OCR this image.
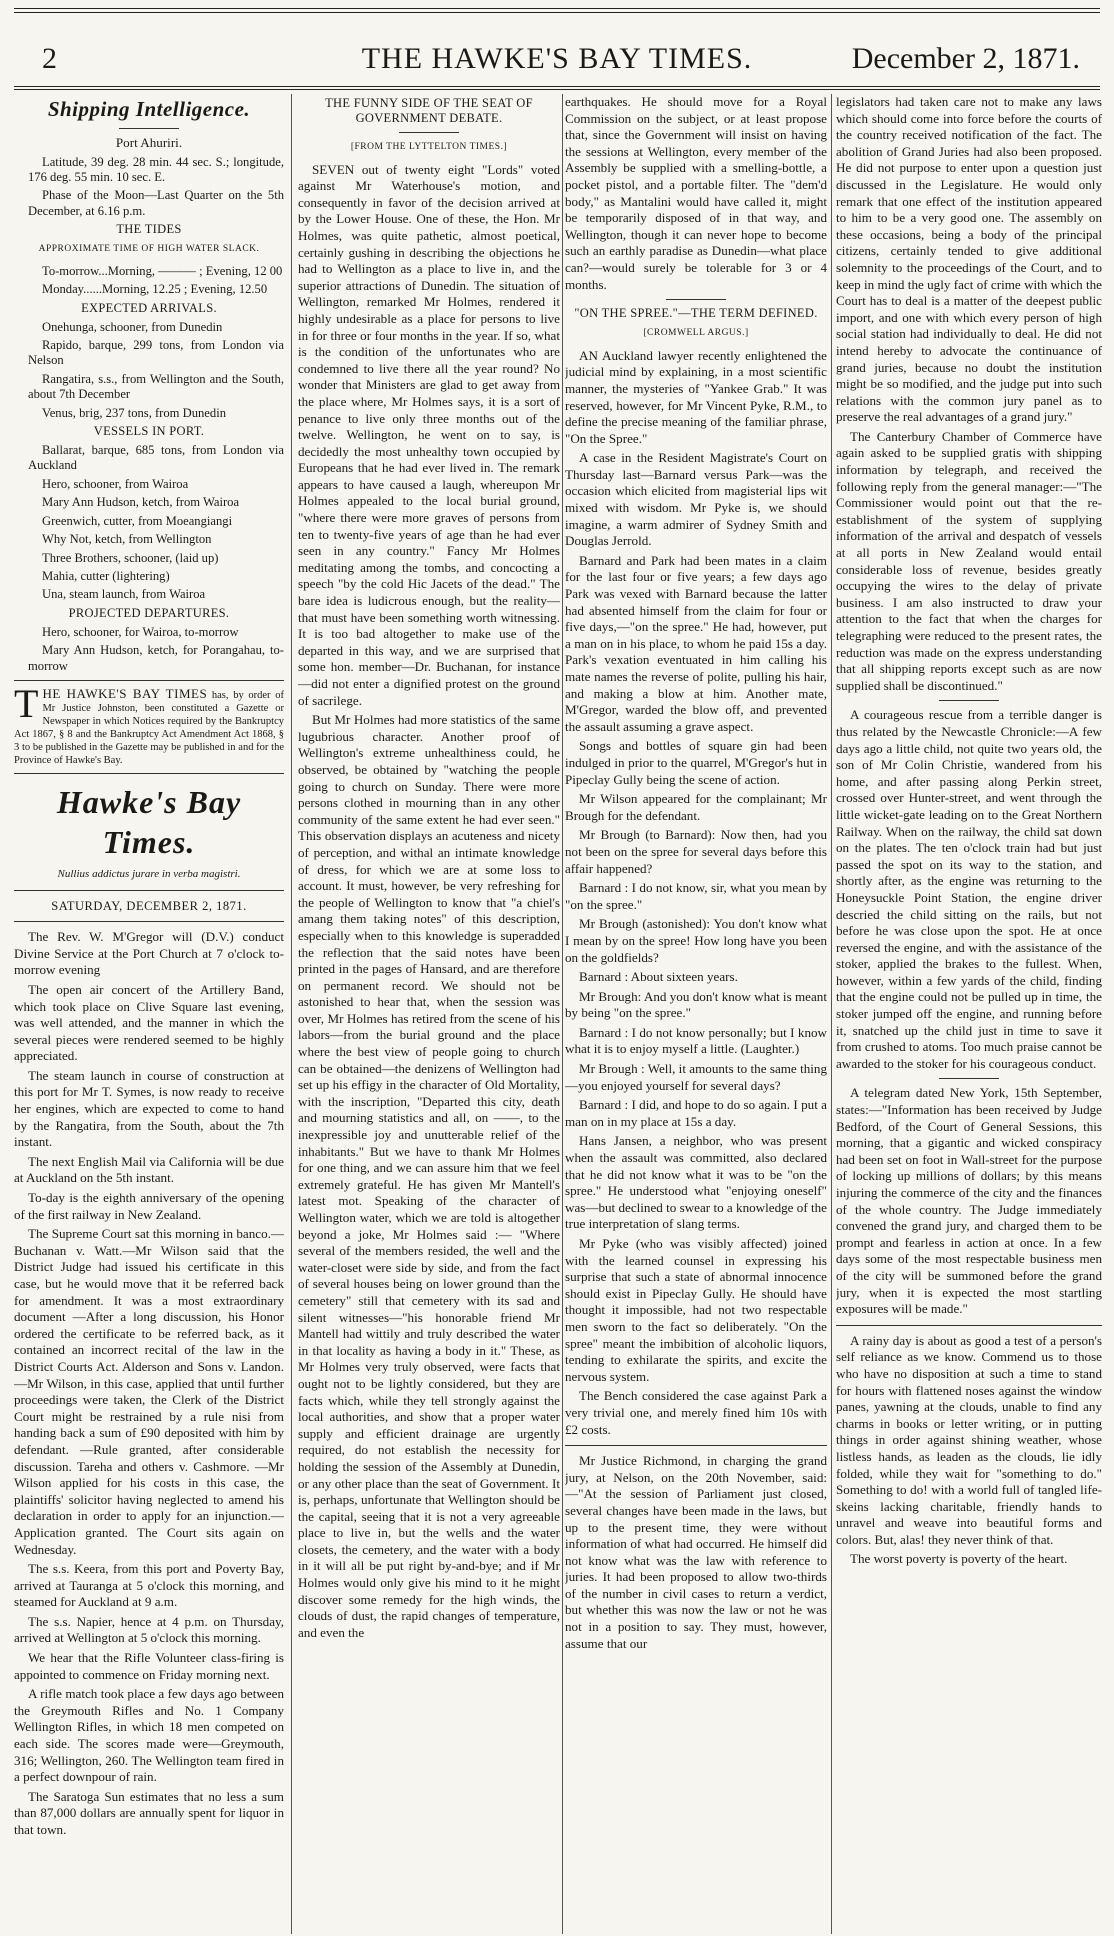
2	THE HAWKE'S BAY TIMES.	December 2, 1871.
Shipping Intelligence.

Port Ahuriri.

Latitude, 39 deg. 28 min. 44 sec. S.; longitude, 176 deg. 55 min. 10 sec. E.

Phase of the Moon—Last Quarter on the 5th December, at 6.16 p.m.

THE TIDES
APPROXIMATE TIME OF HIGH WATER SLACK.

To-morrow...Morning, ——— ; Evening, 12 00

Monday......Morning, 12.25 ; Evening, 12.50

EXPECTED ARRIVALS.

Onehunga, schooner, from Dunedin

Rapido, barque, 299 tons, from London via Nelson

Rangatira, s.s., from Wellington and the South, about 7th December

Venus, brig, 237 tons, from Dunedin

VESSELS IN PORT.

Ballarat, barque, 685 tons, from London via Auckland

Hero, schooner, from Wairoa

Mary Ann Hudson, ketch, from Wairoa

Greenwich, cutter, from Moeangiangi

Why Not, ketch, from Wellington

Three Brothers, schooner, (laid up)

Mahia, cutter (lightering)

Una, steam launch, from Wairoa

PROJECTED DEPARTURES.

Hero, schooner, for Wairoa, to-morrow

Mary Ann Hudson, ketch, for Porangahau, to-morrow

T HE HAWKE'S BAY TIMES has, by order of Mr Justice Johnston, been constituted a Gazette or Newspaper in which Notices required by the Bankruptcy Act 1867, § 8 and the Bankruptcy Act Amendment Act 1868, § 3 to be published in the Gazette may be published in and for the Province of Hawke's Bay.
Hawke's Bay Times.
Nullius addictus jurare in verba magistri.
SATURDAY, DECEMBER 2, 1871.

The Rev. W. M'Gregor will (D.V.) conduct Divine Service at the Port Church at 7 o'clock to-morrow evening

The open air concert of the Artillery Band, which took place on Clive Square last evening, was well attended, and the manner in which the several pieces were rendered seemed to be highly appreciated.

The steam launch in course of construction at this port for Mr T. Symes, is now ready to receive her engines, which are expected to come to hand by the Rangatira, from the South, about the 7th instant.

The next English Mail via California will be due at Auckland on the 5th instant.

To-day is the eighth anniversary of the opening of the first railway in New Zealand.

The Supreme Court sat this morning in banco.—Buchanan v. Watt.—Mr Wilson said that the District Judge had issued his certificate in this case, but he would move that it be referred back for amendment. It was a most extraordinary document —After a long discussion, his Honor ordered the certificate to be referred back, as it contained an incorrect recital of the law in the District Courts Act. Alderson and Sons v. Landon.—Mr Wilson, in this case, applied that until further proceedings were taken, the Clerk of the District Court might be restrained by a rule nisi from handing back a sum of £90 deposited with him by defendant. —Rule granted, after considerable discussion. Tareha and others v. Cashmore. —Mr Wilson applied for his costs in this case, the plaintiffs' solicitor having neglected to amend his declaration in order to apply for an injunction.—Application granted. The Court sits again on Wednesday.

The s.s. Keera, from this port and Poverty Bay, arrived at Tauranga at 5 o'clock this morning, and steamed for Auckland at 9 a.m.

The s.s. Napier, hence at 4 p.m. on Thursday, arrived at Wellington at 5 o'clock this morning.

We hear that the Rifle Volunteer class-firing is appointed to commence on Friday morning next.

A rifle match took place a few days ago between the Greymouth Rifles and No. 1 Company Wellington Rifles, in which 18 men competed on each side. The scores made were—Greymouth, 316; Wellington, 260. The Wellington team fired in a perfect downpour of rain.

The Saratoga Sun estimates that no less a sum than 87,000 dollars are annually spent for liquor in that town.

THE FUNNY SIDE OF THE SEAT OF GOVERNMENT DEBATE.
[FROM THE LYTTELTON TIMES.]

SEVEN out of twenty eight "Lords" voted against Mr Waterhouse's motion, and consequently in favor of the decision arrived at by the Lower House. One of these, the Hon. Mr Holmes, was quite pathetic, almost poetical, certainly gushing in describing the objections he had to Wellington as a place to live in, and the superior attractions of Dunedin. The situation of Wellington, remarked Mr Holmes, rendered it highly undesirable as a place for persons to live in for three or four months in the year. If so, what is the condition of the unfortunates who are condemned to live there all the year round? No wonder that Ministers are glad to get away from the place where, Mr Holmes says, it is a sort of penance to live only three months out of the twelve. Wellington, he went on to say, is decidedly the most unhealthy town occupied by Europeans that he had ever lived in. The remark appears to have caused a laugh, whereupon Mr Holmes appealed to the local burial ground, "where there were more graves of persons from ten to twenty-five years of age than he had ever seen in any country." Fancy Mr Holmes meditating among the tombs, and concocting a speech "by the cold Hic Jacets of the dead." The bare idea is ludicrous enough, but the reality—that must have been something worth witnessing. It is too bad altogether to make use of the departed in this way, and we are surprised that some hon. member—Dr. Buchanan, for instance—did not enter a dignified protest on the ground of sacrilege.

But Mr Holmes had more statistics of the same lugubrious character. Another proof of Wellington's extreme unhealthiness could, he observed, be obtained by "watching the people going to church on Sunday. There were more persons clothed in mourning than in any other community of the same extent he had ever seen." This observation displays an acuteness and nicety of perception, and withal an intimate knowledge of dress, for which we are at some loss to account. It must, however, be very refreshing for the people of Wellington to know that "a chiel's amang them taking notes" of this description, especially when to this knowledge is superadded the reflection that the said notes have been printed in the pages of Hansard, and are therefore on permanent record. We should not be astonished to hear that, when the session was over, Mr Holmes has retired from the scene of his labors—from the burial ground and the place where the best view of people going to church can be obtained—the denizens of Wellington had set up his effigy in the character of Old Mortality, with the inscription, "Departed this city, death and mourning statistics and all, on ——, to the inexpressible joy and unutterable relief of the inhabitants." But we have to thank Mr Holmes for one thing, and we can assure him that we feel extremely grateful. He has given Mr Mantell's latest mot. Speaking of the character of Wellington water, which we are told is altogether beyond a joke, Mr Holmes said :— "Where several of the members resided, the well and the water-closet were side by side, and from the fact of several houses being on lower ground than the cemetery" still that cemetery with its sad and silent witnesses—"his honorable friend Mr Mantell had wittily and truly described the water in that locality as having a body in it." These, as Mr Holmes very truly observed, were facts that ought not to be lightly considered, but they are facts which, while they tell strongly against the local authorities, and show that a proper water supply and efficient drainage are urgently required, do not establish the necessity for holding the session of the Assembly at Dunedin, or any other place than the seat of Government. It is, perhaps, unfortunate that Wellington should be the capital, seeing that it is not a very agreeable place to live in, but the wells and the water closets, the cemetery, and the water with a body in it will all be put right by-and-bye; and if Mr Holmes would only give his mind to it he might discover some remedy for the high winds, the clouds of dust, the rapid changes of temperature, and even the

earthquakes. He should move for a Royal Commission on the subject, or at least propose that, since the Government will insist on having the sessions at Wellington, every member of the Assembly be supplied with a smelling-bottle, a pocket pistol, and a portable filter. The "dem'd body," as Mantalini would have called it, might be temporarily disposed of in that way, and Wellington, though it can never hope to become such an earthly paradise as Dunedin—what place can?—would surely be tolerable for 3 or 4 months.

"ON THE SPREE."—THE TERM DEFINED.
[CROMWELL ARGUS.]

AN Auckland lawyer recently enlightened the judicial mind by explaining, in a most scientific manner, the mysteries of "Yankee Grab." It was reserved, however, for Mr Vincent Pyke, R.M., to define the precise meaning of the familiar phrase, "On the Spree."

A case in the Resident Magistrate's Court on Thursday last—Barnard versus Park—was the occasion which elicited from magisterial lips wit mixed with wisdom. Mr Pyke is, we should imagine, a warm admirer of Sydney Smith and Douglas Jerrold.

Barnard and Park had been mates in a claim for the last four or five years; a few days ago Park was vexed with Barnard because the latter had absented himself from the claim for four or five days,—"on the spree." He had, however, put a man on in his place, to whom he paid 15s a day. Park's vexation eventuated in him calling his mate names the reverse of polite, pulling his hair, and making a blow at him. Another mate, M'Gregor, warded the blow off, and prevented the assault assuming a grave aspect.

Songs and bottles of square gin had been indulged in prior to the quarrel, M'Gregor's hut in Pipeclay Gully being the scene of action.

Mr Wilson appeared for the complainant; Mr Brough for the defendant.

Mr Brough (to Barnard): Now then, had you not been on the spree for several days before this affair happened?

Barnard : I do not know, sir, what you mean by "on the spree."

Mr Brough (astonished): You don't know what I mean by on the spree! How long have you been on the goldfields?

Barnard : About sixteen years.

Mr Brough: And you don't know what is meant by being "on the spree."

Barnard : I do not know personally; but I know what it is to enjoy myself a little. (Laughter.)

Mr Brough : Well, it amounts to the same thing—you enjoyed yourself for several days?

Barnard : I did, and hope to do so again. I put a man on in my place at 15s a day.

Hans Jansen, a neighbor, who was present when the assault was committed, also declared that he did not know what it was to be "on the spree." He understood what "enjoying oneself" was—but declined to swear to a knowledge of the true interpretation of slang terms.

Mr Pyke (who was visibly affected) joined with the learned counsel in expressing his surprise that such a state of abnormal innocence should exist in Pipeclay Gully. He should have thought it impossible, had not two respectable men sworn to the fact so deliberately. "On the spree" meant the imbibition of alcoholic liquors, tending to exhilarate the spirits, and excite the nervous system.

The Bench considered the case against Park a very trivial one, and merely fined him 10s with £2 costs.

Mr Justice Richmond, in charging the grand jury, at Nelson, on the 20th November, said:—"At the session of Parliament just closed, several changes have been made in the laws, but up to the present time, they were without information of what had occurred. He himself did not know what was the law with reference to juries. It had been proposed to allow two-thirds of the number in civil cases to return a verdict, but whether this was now the law or not he was not in a position to say. They must, however, assume that our

legislators had taken care not to make any laws which should come into force before the courts of the country received notification of the fact. The abolition of Grand Juries had also been proposed. He did not purpose to enter upon a question just discussed in the Legislature. He would only remark that one effect of the institution appeared to him to be a very good one. The assembly on these occasions, being a body of the principal citizens, certainly tended to give additional solemnity to the proceedings of the Court, and to keep in mind the ugly fact of crime with which the Court has to deal is a matter of the deepest public import, and one with which every person of high social station had individually to deal. He did not intend hereby to advocate the continuance of grand juries, because no doubt the institution might be so modified, and the judge put into such relations with the common jury panel as to preserve the real advantages of a grand jury."

The Canterbury Chamber of Commerce have again asked to be supplied gratis with shipping information by telegraph, and received the following reply from the general manager:—"The Commissioner would point out that the re-establishment of the system of supplying information of the arrival and despatch of vessels at all ports in New Zealand would entail considerable loss of revenue, besides greatly occupying the wires to the delay of private business. I am also instructed to draw your attention to the fact that when the charges for telegraphing were reduced to the present rates, the reduction was made on the express understanding that all shipping reports except such as are now supplied shall be discontinued."

A courageous rescue from a terrible danger is thus related by the Newcastle Chronicle:—A few days ago a little child, not quite two years old, the son of Mr Colin Christie, wandered from his home, and after passing along Perkin street, crossed over Hunter-street, and went through the little wicket-gate leading on to the Great Northern Railway. When on the railway, the child sat down on the plates. The ten o'clock train had but just passed the spot on its way to the station, and shortly after, as the engine was returning to the Honeysuckle Point Station, the engine driver descried the child sitting on the rails, but not before he was close upon the spot. He at once reversed the engine, and with the assistance of the stoker, applied the brakes to the fullest. When, however, within a few yards of the child, finding that the engine could not be pulled up in time, the stoker jumped off the engine, and running before it, snatched up the child just in time to save it from crushed to atoms. Too much praise cannot be awarded to the stoker for his courageous conduct.

A telegram dated New York, 15th September, states:—"Information has been received by Judge Bedford, of the Court of General Sessions, this morning, that a gigantic and wicked conspiracy had been set on foot in Wall-street for the purpose of locking up millions of dollars; by this means injuring the commerce of the city and the finances of the whole country. The Judge immediately convened the grand jury, and charged them to be prompt and fearless in action at once. In a few days some of the most respectable business men of the city will be summoned before the grand jury, when it is expected the most startling exposures will be made."

A rainy day is about as good a test of a person's self reliance as we know. Commend us to those who have no disposition at such a time to stand for hours with flattened noses against the window panes, yawning at the clouds, unable to find any charms in books or letter writing, or in putting things in order against shining weather, whose listless hands, as leaden as the clouds, lie idly folded, while they wait for "something to do." Something to do! with a world full of tangled life-skeins lacking charitable, friendly hands to unravel and weave into beautiful forms and colors. But, alas! they never think of that.

The worst poverty is poverty of the heart.
